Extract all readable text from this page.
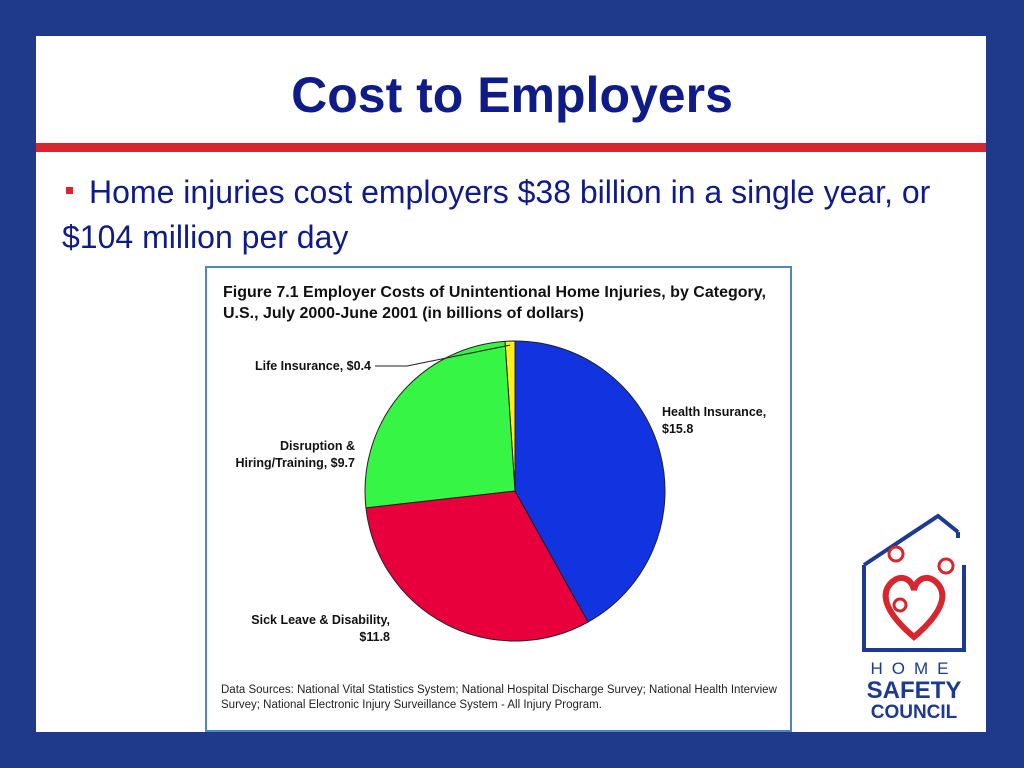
Cost to Employers
Home injuries cost employers $38 billion in a single year, or $104 million per day
Figure 7.1 Employer Costs of Unintentional Home Injuries, by Category, U.S., July 2000-June 2001 (in billions of dollars)
Health Insurance,
$15.8
Sick Leave & Disability,
$11.8
Disruption &
Hiring/Training, $9.7
Life Insurance, $0.4
Data Sources: National Vital Statistics System; National Hospital Discharge Survey; National Health Interview Survey; National Electronic Injury Surveillance System - All Injury Program.
HOME
SAFETY
COUNCIL
